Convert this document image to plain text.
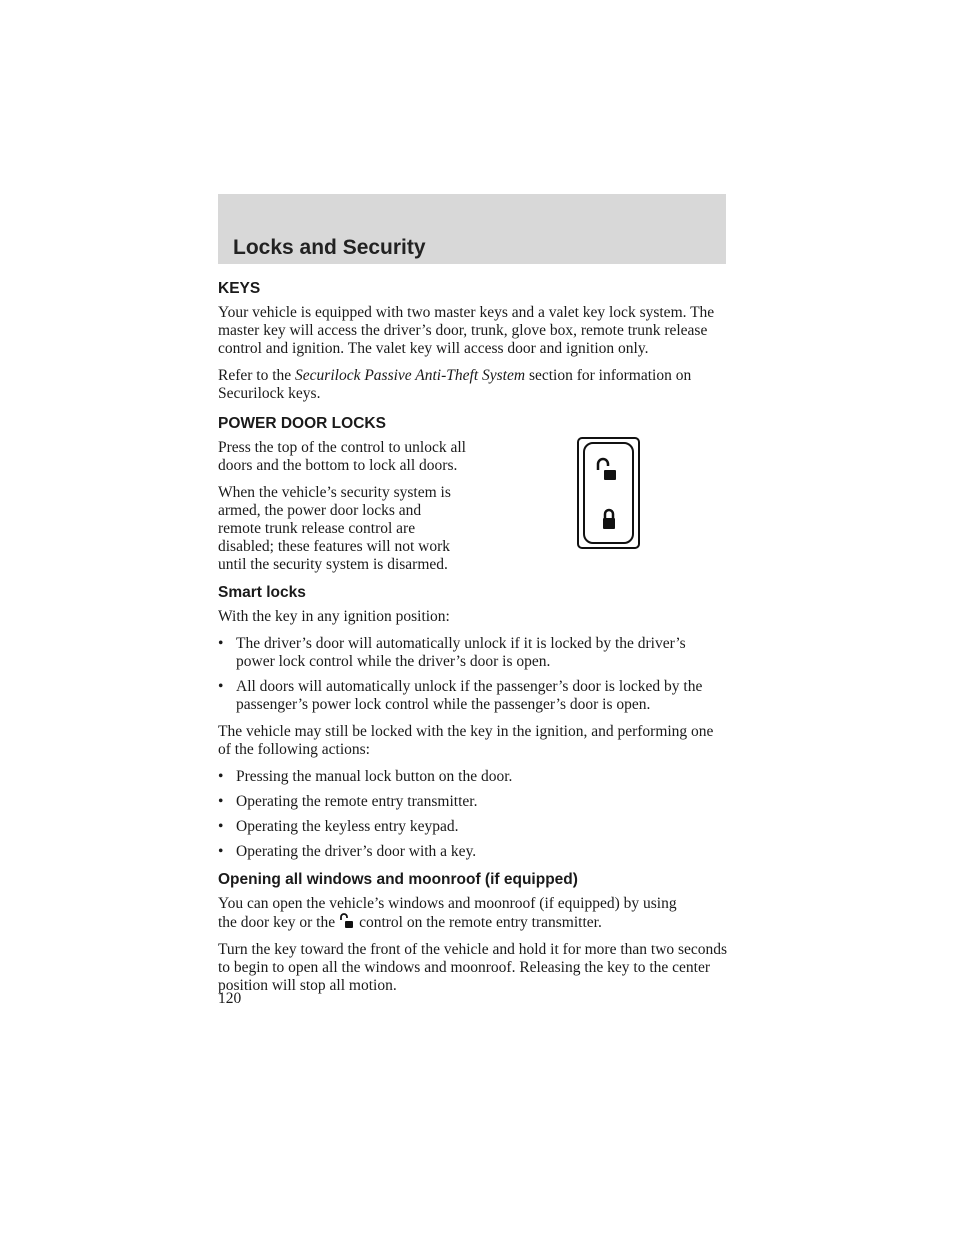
Locks and Security
KEYS

Your vehicle is equipped with two master keys and a valet key lock system. The master key will access the driver’s door, trunk, glove box, remote trunk release control and ignition. The valet key will access door and ignition only.

Refer to the Securilock Passive Anti-Theft System section for information on Securilock keys.

POWER DOOR LOCKS

Press the top of the control to unlock all doors and the bottom to lock all doors.

When the vehicle’s security system is armed, the power door locks and remote trunk release control are disabled; these features will not work until the security system is disarmed.

Smart locks

With the key in any ignition position:

• The driver’s door will automatically unlock if it is locked by the driver’s power lock control while the driver’s door is open.
• All doors will automatically unlock if the passenger’s door is locked by the passenger’s power lock control while the passenger’s door is open.

The vehicle may still be locked with the key in the ignition, and performing one of the following actions:

• Pressing the manual lock button on the door.
• Operating the remote entry transmitter.
• Operating the keyless entry keypad.
• Operating the driver’s door with a key.
Opening all windows and moonroof (if equipped)

You can open the vehicle’s windows and moonroof (if equipped) by using
the door key or the control on the remote entry transmitter.

Turn the key toward the front of the vehicle and hold it for more than two seconds to begin to open all the windows and moonroof. Releasing the key to the center position will stop all motion.

120
